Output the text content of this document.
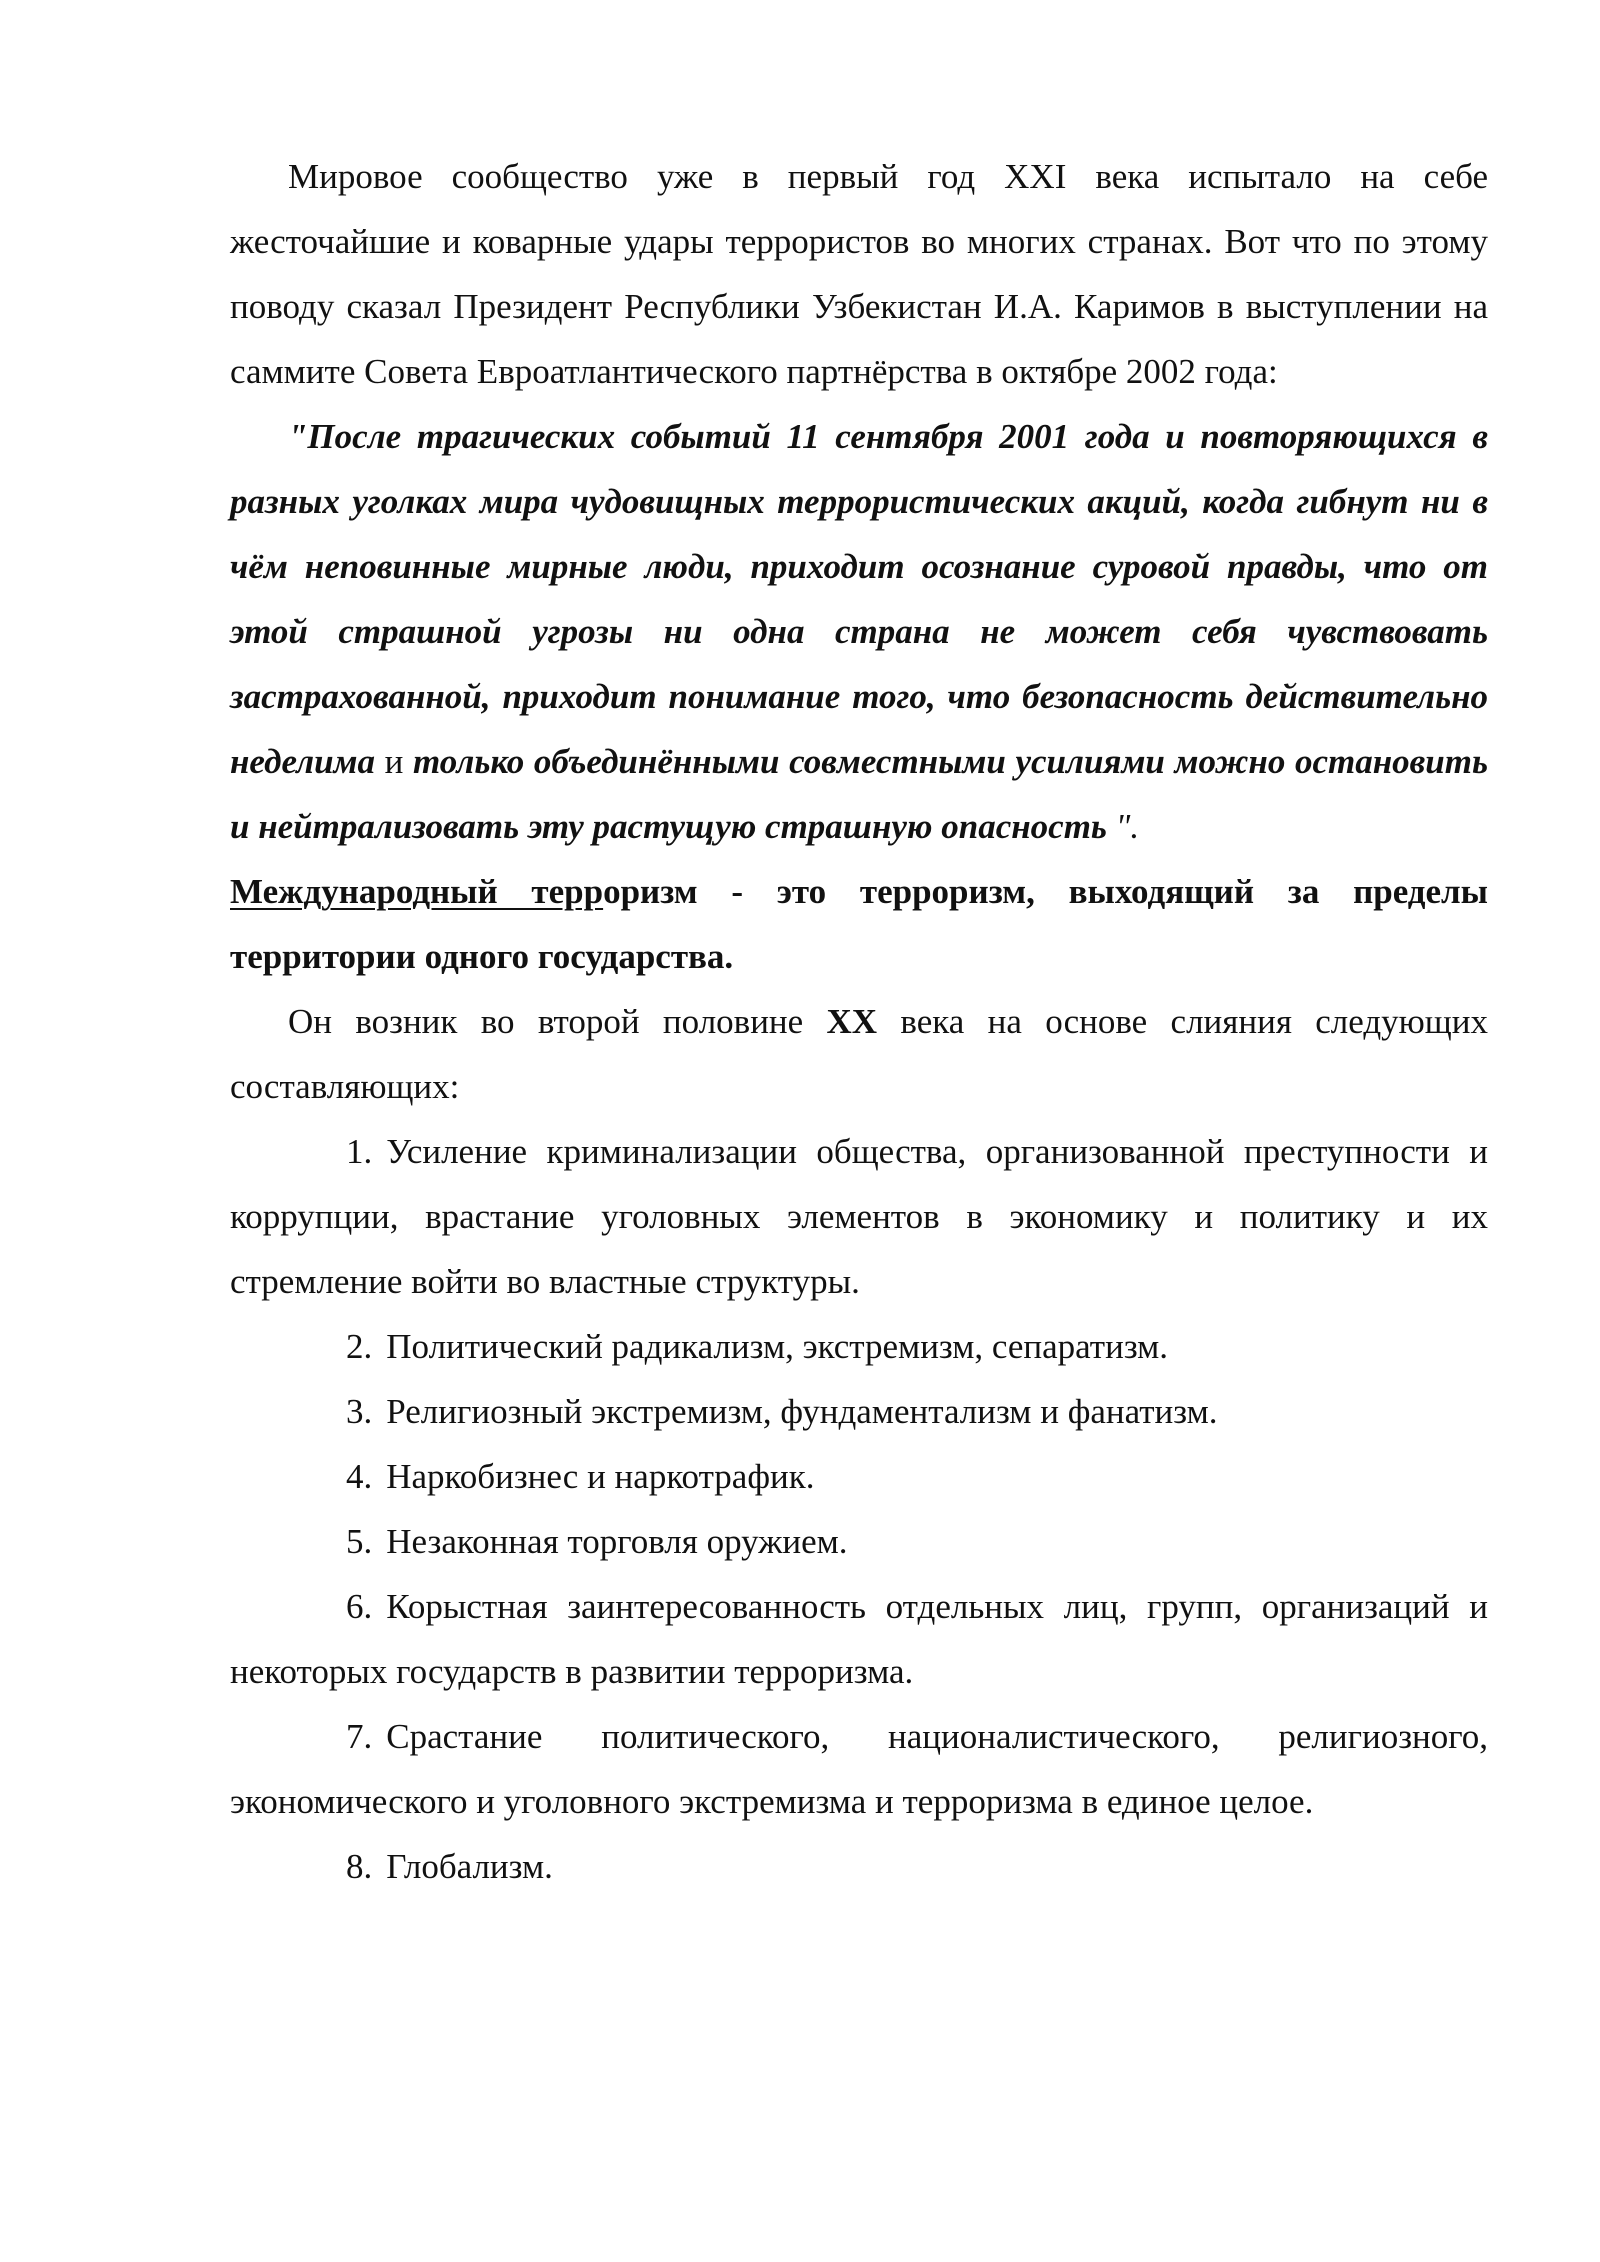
Мировое сообщество уже в первый год XXI века испытало на себе жесточайшие и коварные удары террористов во многих странах. Вот что по этому поводу сказал Президент Республики Узбекистан И.А. Каримов в выступлении на саммите Совета Евроатлантического партнёрства в октябре 2002 года:

"После трагических событий 11 сентября 2001 года и повторяющихся в разных уголках мира чудовищных террористических акций, когда гибнут ни в чём неповинные мирные люди, приходит осознание суровой правды, что от этой страшной угрозы ни одна страна не может себя чувствовать застрахованной, приходит понимание того, что безопасность действительно неделима и только объединёнными совместными усилиями можно остановить и нейтрализовать эту растущую страшную опасность ".

Международный терроризм - это терроризм, выходящий за пределы территории одного государства.

Он возник во второй половине XX века на основе слияния следующих составляющих:

1. Усиление криминализации общества, организованной преступности и коррупции, врастание уголовных элементов в экономику и политику и их стремление войти во властные структуры.

2. Политический радикализм, экстремизм, сепаратизм.

3. Религиозный экстремизм, фундаментализм и фанатизм.

4. Наркобизнес и наркотрафик.

5. Незаконная торговля оружием.

6. Корыстная заинтересованность отдельных лиц, групп, организаций и некоторых государств в развитии терроризма.

7. Срастание политического, националистического, религиозного, экономического и уголовного экстремизма и терроризма в единое целое.

8. Глобализм.
